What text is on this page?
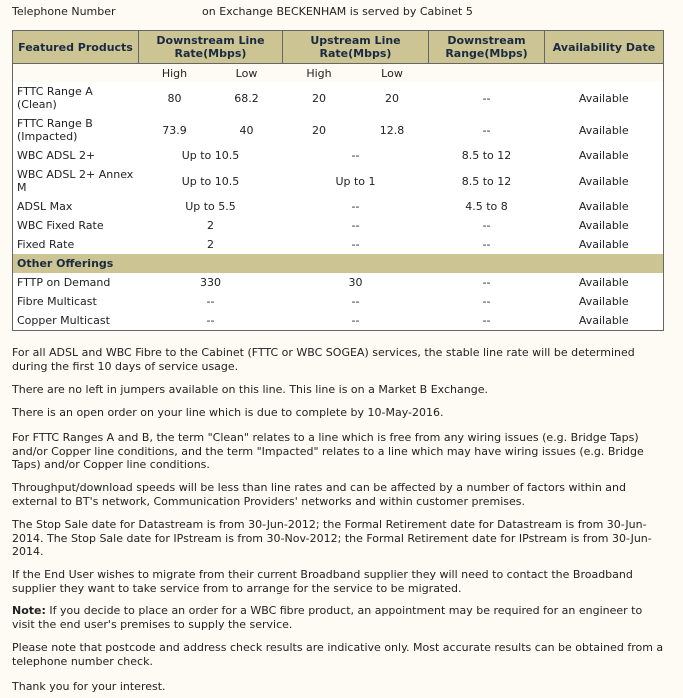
Telephone Number	on Exchange BECKENHAM is served by Cabinet 5
Featured Products	Downstream Line Rate(Mbps)		Upstream Line Rate(Mbps)		Downstream Range(Mbps)	Availability Date
	High	Low	High	Low		
FTTC Range A (Clean)	80	68.2	20	20	--	Available
FTTC Range B (Impacted)	73.9	40	20	12.8	--	Available
WBC ADSL 2+	Up to 10.5		--		8.5 to 12	Available
WBC ADSL 2+ Annex M	Up to 10.5		Up to 1		8.5 to 12	Available
ADSL Max	Up to 5.5		--		4.5 to 8	Available
WBC Fixed Rate	2		--		--	Available
Fixed Rate	2		--		--	Available
Other Offerings						
FTTP on Demand	330		30		--	Available
Fibre Multicast	--		--		--	Available
Copper Multicast	--		--		--	Available

For all ADSL and WBC Fibre to the Cabinet (FTTC or WBC SOGEA) services, the stable line rate will be determined during the first 10 days of service usage.

There are no left in jumpers available on this line. This line is on a Market B Exchange.

There is an open order on your line which is due to complete by 10-May-2016.

For FTTC Ranges A and B, the term "Clean" relates to a line which is free from any wiring issues (e.g. Bridge Taps) and/or Copper line conditions, and the term "Impacted" relates to a line which may have wiring issues (e.g. Bridge Taps) and/or Copper line conditions.

Throughput/download speeds will be less than line rates and can be affected by a number of factors within and external to BT's network, Communication Providers' networks and within customer premises.

The Stop Sale date for Datastream is from 30-Jun-2012; the Formal Retirement date for Datastream is from 30-Jun-2014. The Stop Sale date for IPstream is from 30-Nov-2012; the Formal Retirement date for IPstream is from 30-Jun-2014.

If the End User wishes to migrate from their current Broadband supplier they will need to contact the Broadband supplier they want to take service from to arrange for the service to be migrated.

Note: If you decide to place an order for a WBC fibre product, an appointment may be required for an engineer to visit the end user's premises to supply the service.

Please note that postcode and address check results are indicative only. Most accurate results can be obtained from a telephone number check.

Thank you for your interest.
